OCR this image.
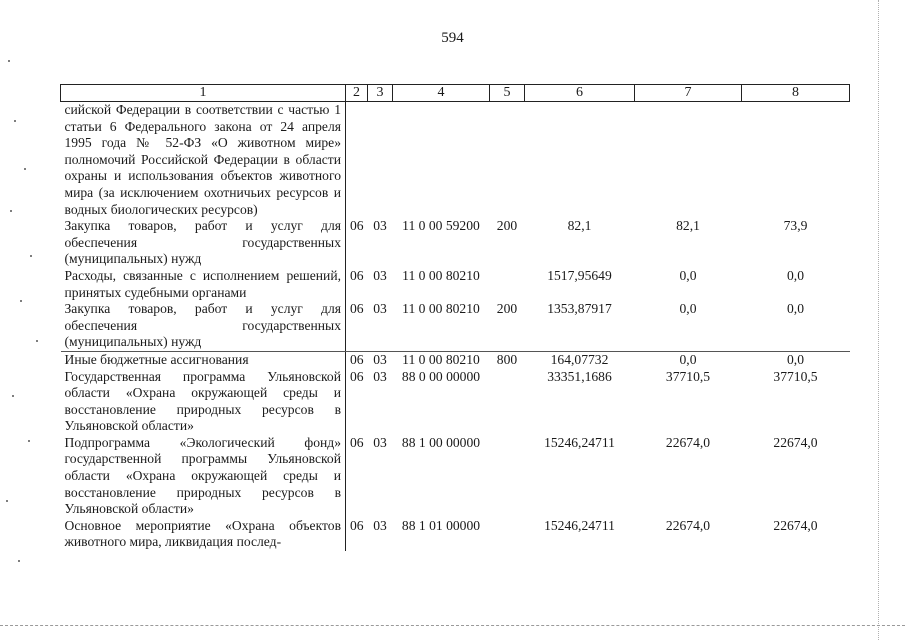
594
1	2	3	4	5	6	7	8
сийской Федерации в соответствии с частью 1 статьи 6 Федерального закона от 24 апреля 1995 года № 52-ФЗ «О животном мире» полномочий Российской Федерации в области охраны и использования объектов животного мира (за исключением охотничьих ресурсов и водных биологических ресурсов)							
Закупка товаров, работ и услуг для обеспечения государственных (муниципальных) нужд	06	03	11 0 00 59200	200	82,1	82,1	73,9
Расходы, связанные с исполнением решений, принятых судебными органами	06	03	11 0 00 80210		1517,95649	0,0	0,0
Закупка товаров, работ и услуг для обеспечения государственных (муниципальных) нужд	06	03	11 0 00 80210	200	1353,87917	0,0	0,0
Иные бюджетные ассигнования	06	03	11 0 00 80210	800	164,07732	0,0	0,0
Государственная программа Ульяновской области «Охрана окружающей среды и восстановление природных ресурсов в Ульяновской области»	06	03	88 0 00 00000		33351,1686	37710,5	37710,5
Подпрограмма «Экологический фонд» государственной программы Ульяновской области «Охрана окружающей среды и восстановление природных ресурсов в Ульяновской области»	06	03	88 1 00 00000		15246,24711	22674,0	22674,0
Основное мероприятие «Охрана объектов животного мира, ликвидация послед-	06	03	88 1 01 00000		15246,24711	22674,0	22674,0
